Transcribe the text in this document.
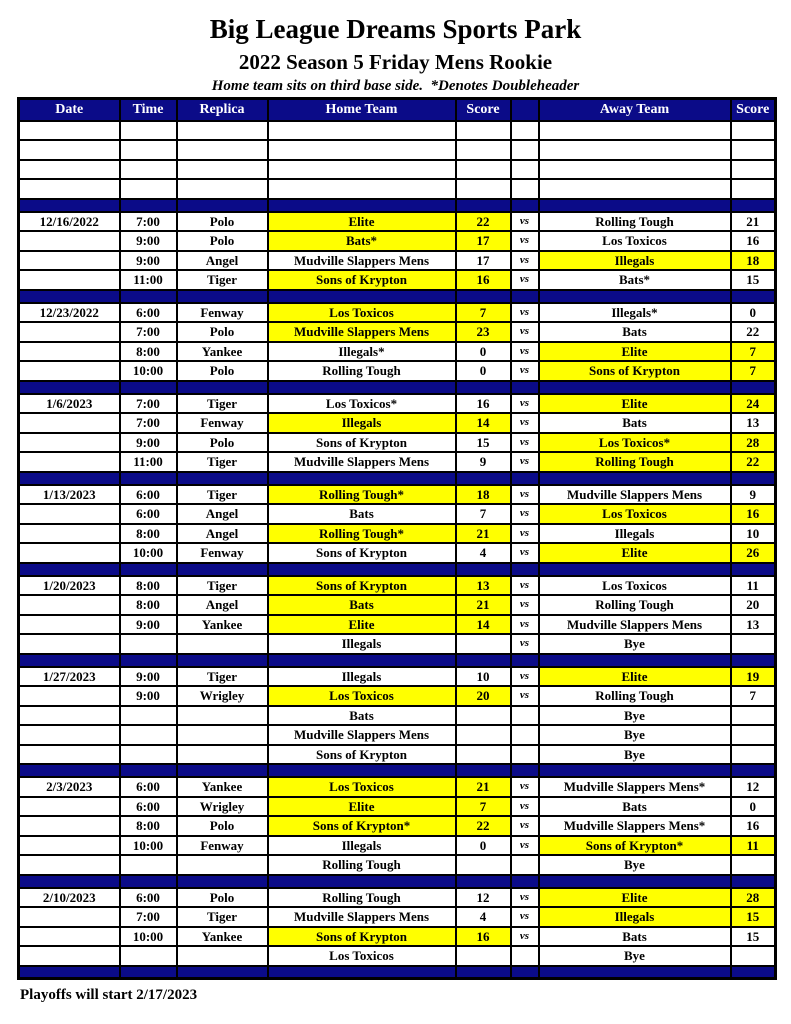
Big League Dreams Sports Park
2022 Season 5 Friday Mens Rookie
Home team sits on third base side.  *Denotes Doubleheader
Date	Time	Replica	Home Team	Score		Away Team	Score

12/16/2022	7:00	Polo	Elite	22	vs	Rolling Tough	21
	9:00	Polo	Bats*	17	vs	Los Toxicos	16
	9:00	Angel	Mudville Slappers Mens	17	vs	Illegals	18
	11:00	Tiger	Sons of Krypton	16	vs	Bats*	15

12/23/2022	6:00	Fenway	Los Toxicos	7	vs	Illegals*	0
	7:00	Polo	Mudville Slappers Mens	23	vs	Bats	22
	8:00	Yankee	Illegals*	0	vs	Elite	7
	10:00	Polo	Rolling Tough	0	vs	Sons of Krypton	7

1/6/2023	7:00	Tiger	Los Toxicos*	16	vs	Elite	24
	7:00	Fenway	Illegals	14	vs	Bats	13
	9:00	Polo	Sons of Krypton	15	vs	Los Toxicos*	28
	11:00	Tiger	Mudville Slappers Mens	9	vs	Rolling Tough	22

1/13/2023	6:00	Tiger	Rolling Tough*	18	vs	Mudville Slappers Mens	9
	6:00	Angel	Bats	7	vs	Los Toxicos	16
	8:00	Angel	Rolling Tough*	21	vs	Illegals	10
	10:00	Fenway	Sons of Krypton	4	vs	Elite	26

1/20/2023	8:00	Tiger	Sons of Krypton	13	vs	Los Toxicos	11
	8:00	Angel	Bats	21	vs	Rolling Tough	20
	9:00	Yankee	Elite	14	vs	Mudville Slappers Mens	13
			Illegals		vs	Bye	

1/27/2023	9:00	Tiger	Illegals	10	vs	Elite	19
	9:00	Wrigley	Los Toxicos	20	vs	Rolling Tough	7
			Bats			Bye	
			Mudville Slappers Mens			Bye	
			Sons of Krypton			Bye	

2/3/2023	6:00	Yankee	Los Toxicos	21	vs	Mudville Slappers Mens*	12
	6:00	Wrigley	Elite	7	vs	Bats	0
	8:00	Polo	Sons of Krypton*	22	vs	Mudville Slappers Mens*	16
	10:00	Fenway	Illegals	0	vs	Sons of Krypton*	11
			Rolling Tough			Bye	

2/10/2023	6:00	Polo	Rolling Tough	12	vs	Elite	28
	7:00	Tiger	Mudville Slappers Mens	4	vs	Illegals	15
	10:00	Yankee	Sons of Krypton	16	vs	Bats	15
			Los Toxicos			Bye	

Playoffs will start 2/17/2023
